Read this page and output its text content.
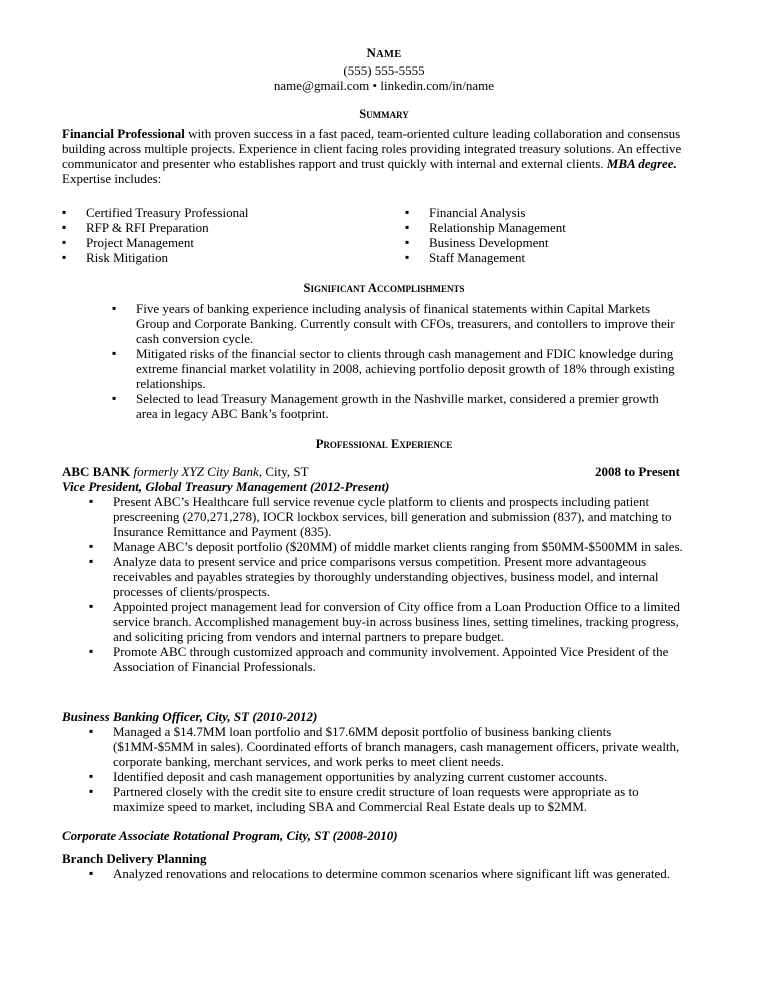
NAME
(555) 555-5555
name@gmail.com • linkedin.com/in/name
Summary
Financial Professional with proven success in a fast paced, team-oriented culture leading collaboration and consensus building across multiple projects. Experience in client facing roles providing integrated treasury solutions. An effective communicator and presenter who establishes rapport and trust quickly with internal and external clients. MBA degree. Expertise includes:
▪ Certified Treasury Professional
▪ RFP & RFI Preparation
▪ Project Management
▪ Risk Mitigation
▪ Financial Analysis
▪ Relationship Management
▪ Business Development
▪ Staff Management
Significant Accomplishments
▪ Five years of banking experience including analysis of finanical statements within Capital Markets Group and Corporate Banking. Currently consult with CFOs, treasurers, and contollers to improve their cash conversion cycle.
▪ Mitigated risks of the financial sector to clients through cash management and FDIC knowledge during extreme financial market volatility in 2008, achieving portfolio deposit growth of 18% through existing relationships.
▪ Selected to lead Treasury Management growth in the Nashville market, considered a premier growth area in legacy ABC Bank’s footprint.
Professional Experience
ABC BANK formerly XYZ City Bank, City, ST	2008 to Present
Vice President, Global Treasury Management (2012-Present)
▪ Present ABC’s Healthcare full service revenue cycle platform to clients and prospects including patient prescreening (270,271,278), IOCR lockbox services, bill generation and submission (837), and matching to Insurance Remittance and Payment (835).
▪ Manage ABC’s deposit portfolio ($20MM) of middle market clients ranging from $50MM-$500MM in sales.
▪ Analyze data to present service and price comparisons versus competition. Present more advantageous receivables and payables strategies by thoroughly understanding objectives, business model, and internal processes of clients/prospects.
▪ Appointed project management lead for conversion of City office from a Loan Production Office to a limited service branch. Accomplished management buy-in across business lines, setting timelines, tracking progress, and soliciting pricing from vendors and internal partners to prepare budget.
▪ Promote ABC through customized approach and community involvement. Appointed Vice President of the Association of Financial Professionals.
Business Banking Officer, City, ST (2010-2012)
▪ Managed a $14.7MM loan portfolio and $17.6MM deposit portfolio of business banking clients ($1MM-$5MM in sales). Coordinated efforts of branch managers, cash management officers, private wealth, corporate banking, merchant services, and work perks to meet client needs.
▪ Identified deposit and cash management opportunities by analyzing current customer accounts.
▪ Partnered closely with the credit site to ensure credit structure of loan requests were appropriate as to maximize speed to market, including SBA and Commercial Real Estate deals up to $2MM.
Corporate Associate Rotational Program, City, ST (2008-2010)
Branch Delivery Planning
▪ Analyzed renovations and relocations to determine common scenarios where significant lift was generated.
